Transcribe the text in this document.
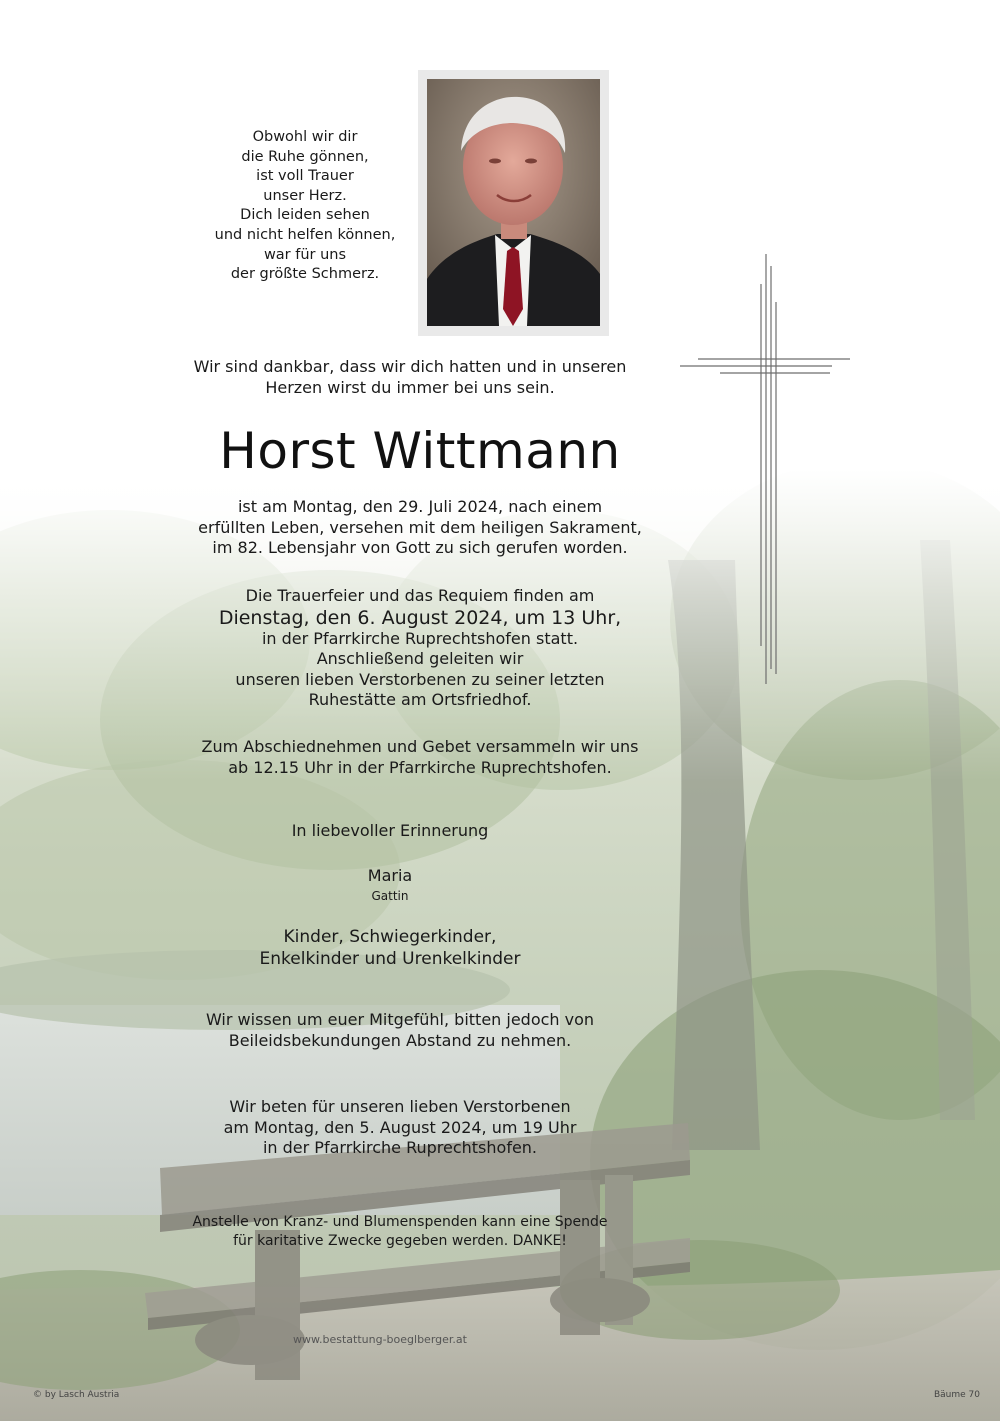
Obwohl wir dir
die Ruhe gönnen,
ist voll Trauer
unser Herz.
Dich leiden sehen
und nicht helfen können,
war für uns
der größte Schmerz.
Wir sind dankbar, dass wir dich hatten und in unseren
Herzen wirst du immer bei uns sein.
Horst Wittmann
ist am Montag, den 29. Juli 2024, nach einem
erfüllten Leben, versehen mit dem heiligen Sakrament,
im 82. Lebensjahr von Gott zu sich gerufen worden.
Die Trauerfeier und das Requiem finden am
Dienstag, den 6. August 2024, um 13 Uhr,
in der Pfarrkirche Ruprechtshofen statt.
Anschließend geleiten wir
unseren lieben Verstorbenen zu seiner letzten
Ruhestätte am Ortsfriedhof.
Zum Abschiednehmen und Gebet versammeln wir uns
ab 12.15 Uhr in der Pfarrkirche Ruprechtshofen.
In liebevoller Erinnerung
Maria
Gattin
Kinder, Schwiegerkinder,
Enkelkinder und Urenkelkinder
Wir wissen um euer Mitgefühl, bitten jedoch von
Beileidsbekundungen Abstand zu nehmen.
Wir beten für unseren lieben Verstorbenen
am Montag, den 5. August 2024, um 19 Uhr
in der Pfarrkirche Ruprechtshofen.
Anstelle von Kranz- und Blumenspenden kann eine Spende
für karitative Zwecke gegeben werden. DANKE!
www.bestattung-boeglberger.at
© by Lasch Austria	Bäume 70
